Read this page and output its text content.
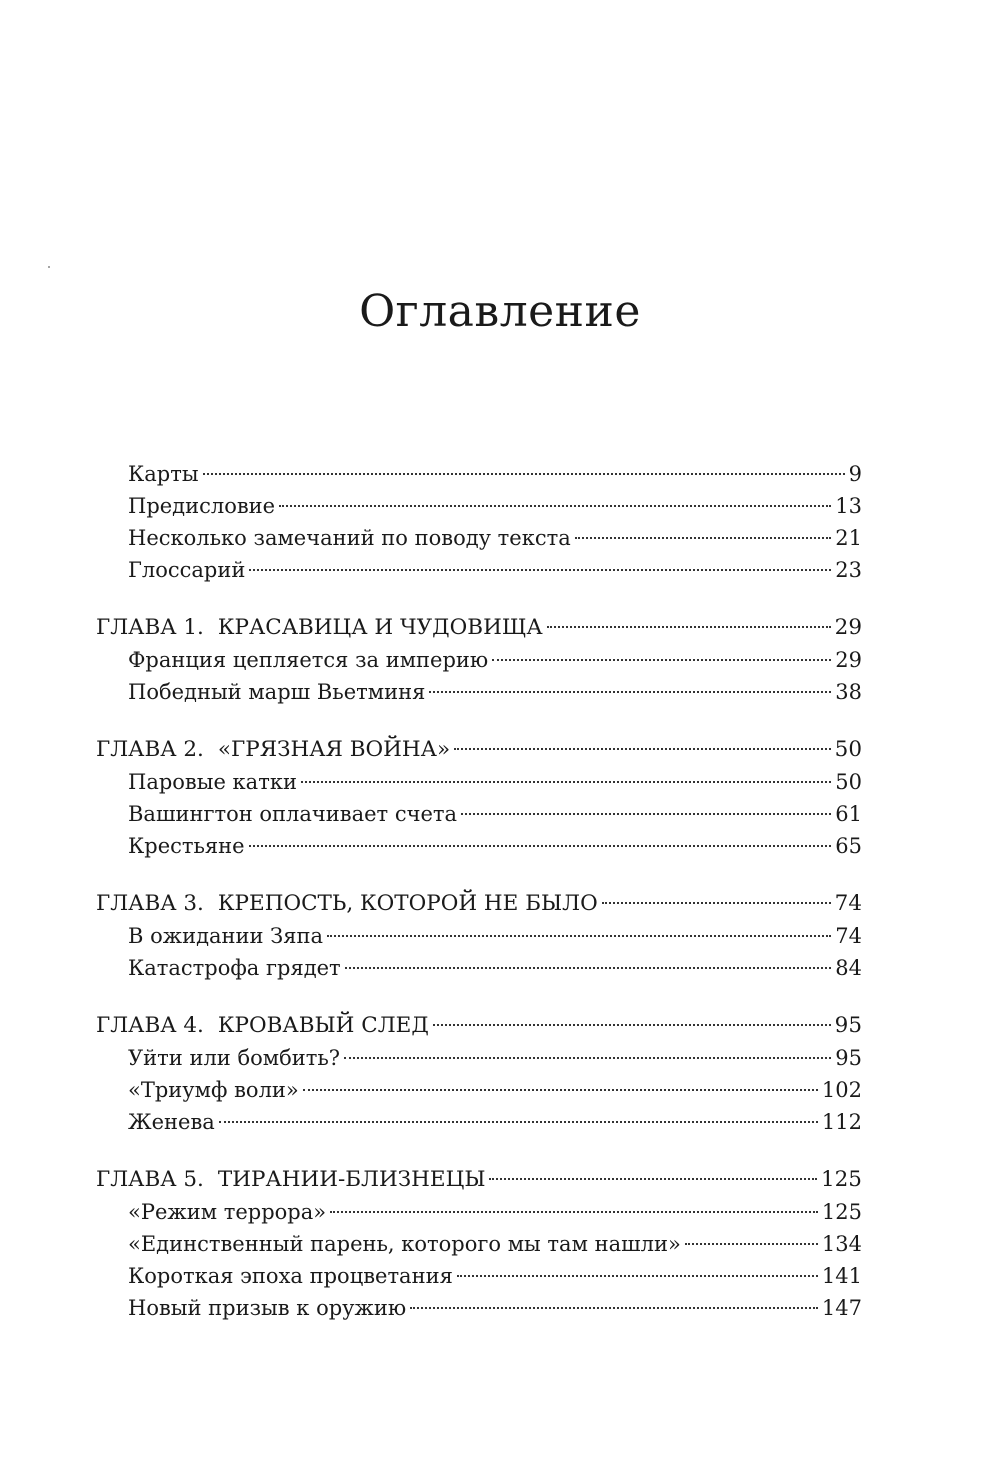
Оглавление
Карты	9
Предисловие	13
Несколько замечаний по поводу текста	21
Глоссарий	23
ГЛАВА 1. КРАСАВИЦА И ЧУДОВИЩА	29
Франция цепляется за империю	29
Победный марш Вьетминя	38
ГЛАВА 2. «ГРЯЗНАЯ ВОЙНА»	50
Паровые катки	50
Вашингтон оплачивает счета	61
Крестьяне	65
ГЛАВА 3. КРЕПОСТЬ, КОТОРОЙ НЕ БЫЛО	74
В ожидании Зяпа	74
Катастрофа грядет	84
ГЛАВА 4. КРОВАВЫЙ СЛЕД	95
Уйти или бомбить?	95
«Триумф воли»	102
Женева	112
ГЛАВА 5. ТИРАНИИ-БЛИЗНЕЦЫ	125
«Режим террора»	125
«Единственный парень, которого мы там нашли»	134
Короткая эпоха процветания	141
Новый призыв к оружию	147
